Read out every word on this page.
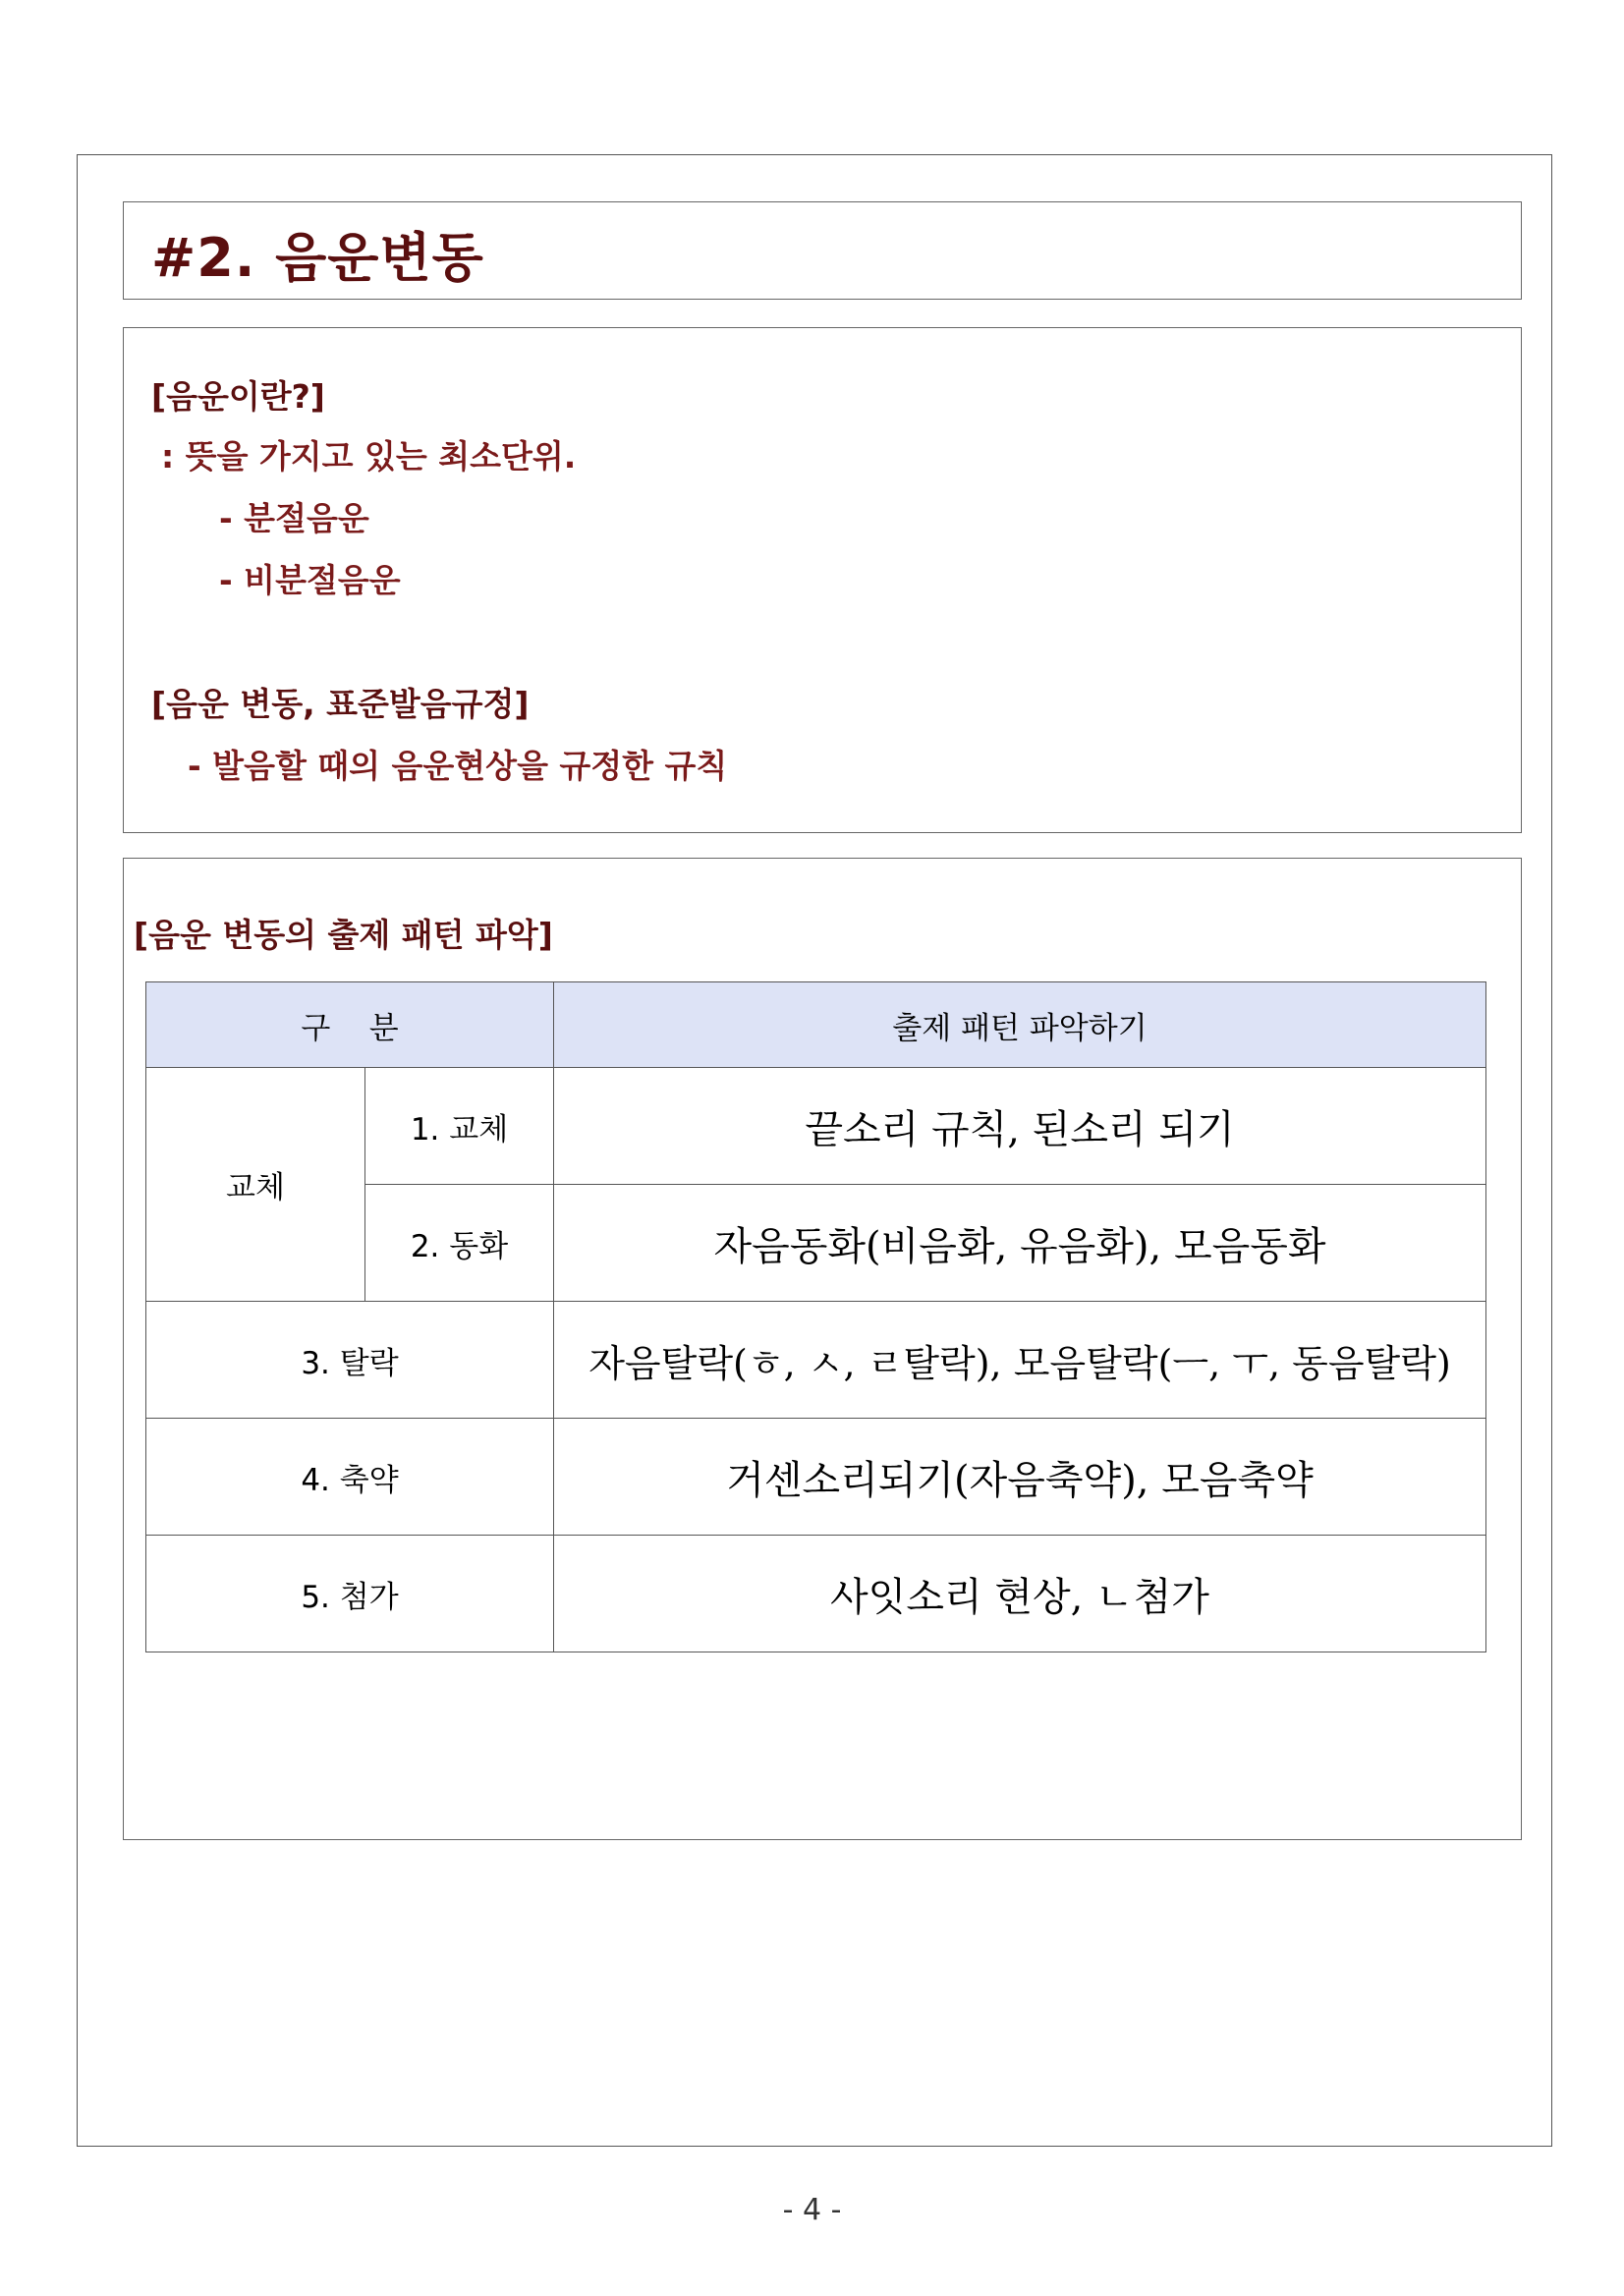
#2. 음운변동
[음운이란?]
: 뜻을 가지고 있는 최소단위.
- 분절음운
- 비분절음운
[음운 변동, 표준발음규정]
- 발음할 때의 음운현상을 규정한 규칙
[음운 변동의 출제 패턴 파악]
구    분		출제 패턴 파악하기
교체	1. 교체	끝소리 규칙, 된소리 되기
	2. 동화	자음동화(비음화, 유음화), 모음동화
3. 탈락		자음탈락(ㅎ, ㅅ, ㄹ탈락), 모음탈락(ㅡ, ㅜ, 동음탈락)
4. 축약		거센소리되기(자음축약), 모음축약
5. 첨가		사잇소리 현상, ㄴ첨가
- 4 -
